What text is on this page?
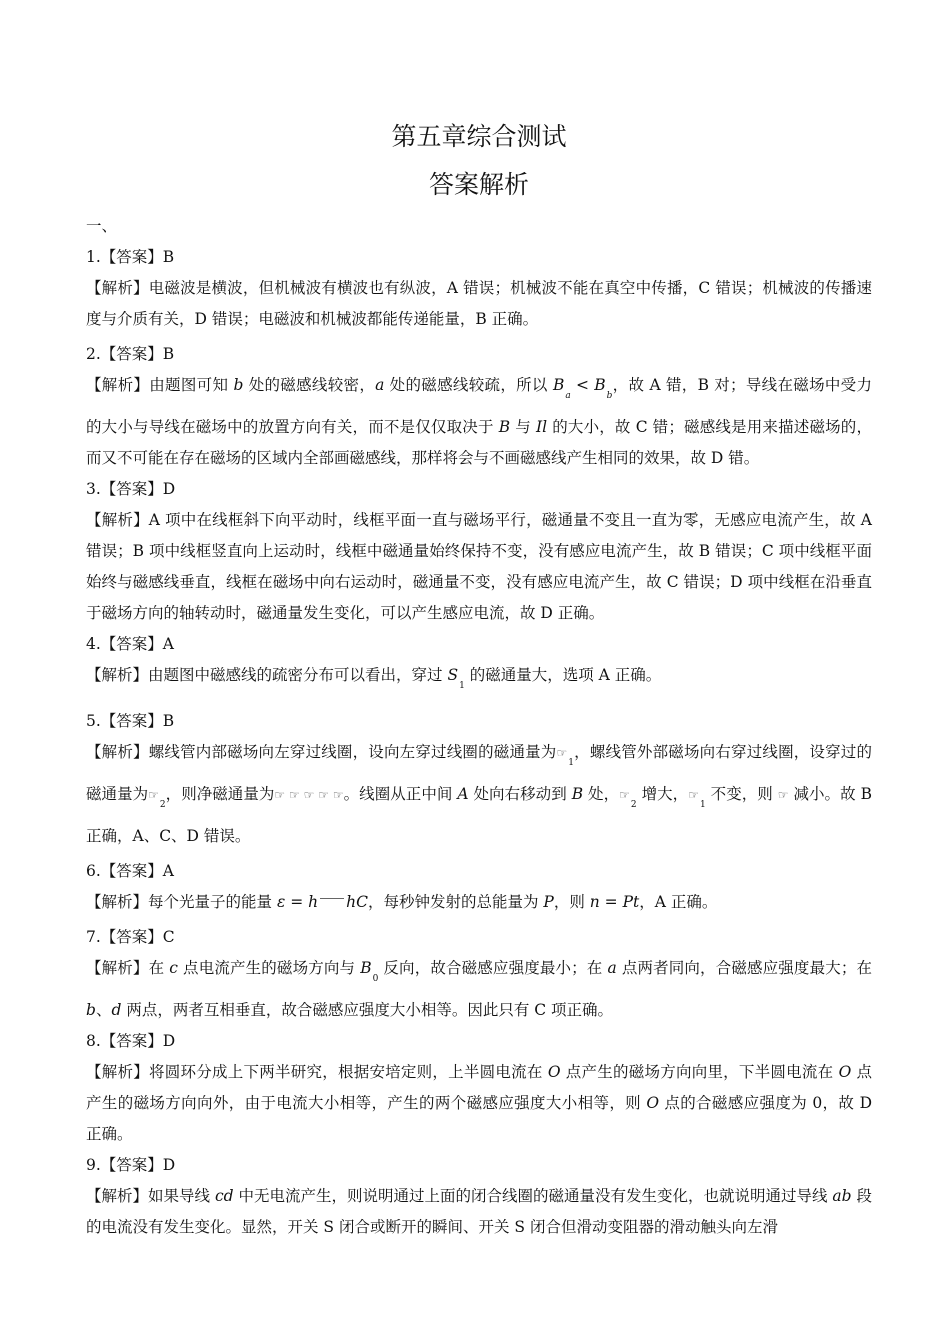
第五章综合测试
答案解析

一、

1.【答案】B

【解析】电磁波是横波，但机械波有横波也有纵波，A 错误；机械波不能在真空中传播，C 错误；机械波的传播速度与介质有关，D 错误；电磁波和机械波都能传递能量，B 正确。

2.【答案】B

【解析】由题图可知 b 处的磁感线较密，a 处的磁感线较疏，所以 $B_a < B_b$，故 A 错，B 对；导线在磁场中受力的大小与导线在磁场中的放置方向有关，而不是仅仅取决于 B 与 Il 的大小，故 C 错；磁感线是用来描述磁场的，而又不可能在存在磁场的区域内全部画磁感线，那样将会与不画磁感线产生相同的效果，故 D 错。

3.【答案】D

【解析】A 项中在线框斜下向平动时，线框平面一直与磁场平行，磁通量不变且一直为零，无感应电流产生，故 A 错误；B 项中线框竖直向上运动时，线框中磁通量始终保持不变，没有感应电流产生，故 B 错误；C 项中线框平面始终与磁感线垂直，线框在磁场中向右运动时，磁通量不变，没有感应电流产生，故 C 错误；D 项中线框在沿垂直于磁场方向的轴转动时，磁通量发生变化，可以产生感应电流，故 D 正确。

4.【答案】A

【解析】由题图中磁感线的疏密分布可以看出，穿过 $S_1$ 的磁通量大，选项 A 正确。

5.【答案】B

【解析】螺线管内部磁场向左穿过线圈，设向左穿过线圈的磁通量为$☞_1$，螺线管外部磁场向右穿过线圈，设穿过的磁通量为$☞_2$，则净磁通量为☞ ☞ ☞ ☞ ☞。线圈从正中间 A 处向右移动到 B 处，$☞_2$ 增大，$☞_1$ 不变，则 ☞ 减小。故 B 正确，A、C、D 错误。

6.【答案】A

【解析】每个光量子的能量 ε = h hC，每秒钟发射的总能量为 P，则 n = Pt，A 正确。

7.【答案】C

【解析】在 c 点电流产生的磁场方向与 $B_0$ 反向，故合磁感应强度最小；在 a 点两者同向，合磁感应强度最大；在 b、d 两点，两者互相垂直，故合磁感应强度大小相等。因此只有 C 项正确。

8.【答案】D

【解析】将圆环分成上下两半研究，根据安培定则，上半圆电流在 O 点产生的磁场方向向里，下半圆电流在 O 点产生的磁场方向向外，由于电流大小相等，产生的两个磁感应强度大小相等，则 O 点的合磁感应强度为 0，故 D 正确。

9.【答案】D

【解析】如果导线 cd 中无电流产生，则说明通过上面的闭合线圈的磁通量没有发生变化，也就说明通过导线 ab 段的电流没有发生变化。显然，开关 S 闭合或断开的瞬间、开关 S 闭合但滑动变阻器的滑动触头向左滑
